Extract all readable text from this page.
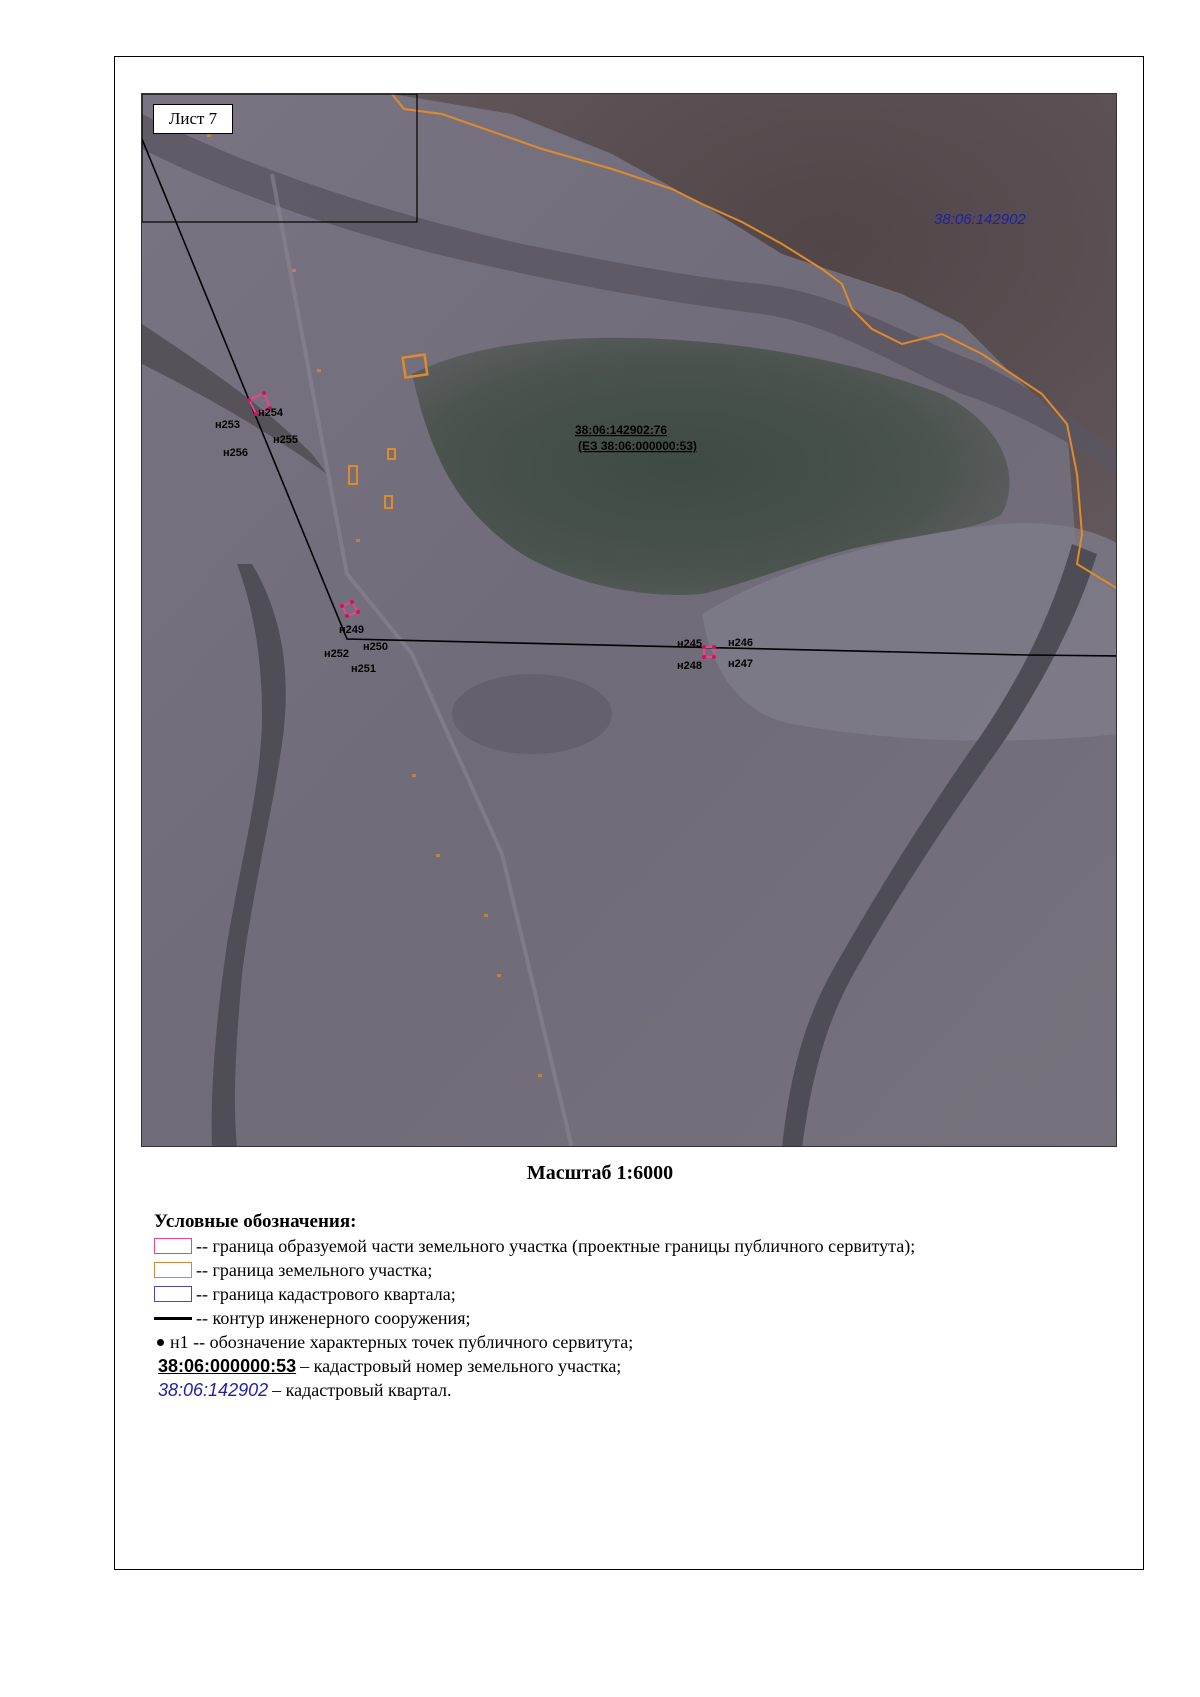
н253
н254
н255
н256
н249
н250
н251
н252
н245 н246
н247
н248
38:06:142902
38:06:142902:76
(ЕЗ 38:06:000000:53)
Лист 7
Масштаб 1:6000
Условные обозначения:
-- граница образуемой части земельного участка (проектные границы публичного сервитута);
-- граница земельного участка;
-- граница кадастрового квартала;
-- контур инженерного сооружения;
н1 -- обозначение характерных точек публичного сервитута;
38:06:000000:53 – кадастровый номер земельного участка;
38:06:142902 – кадастровый квартал.
